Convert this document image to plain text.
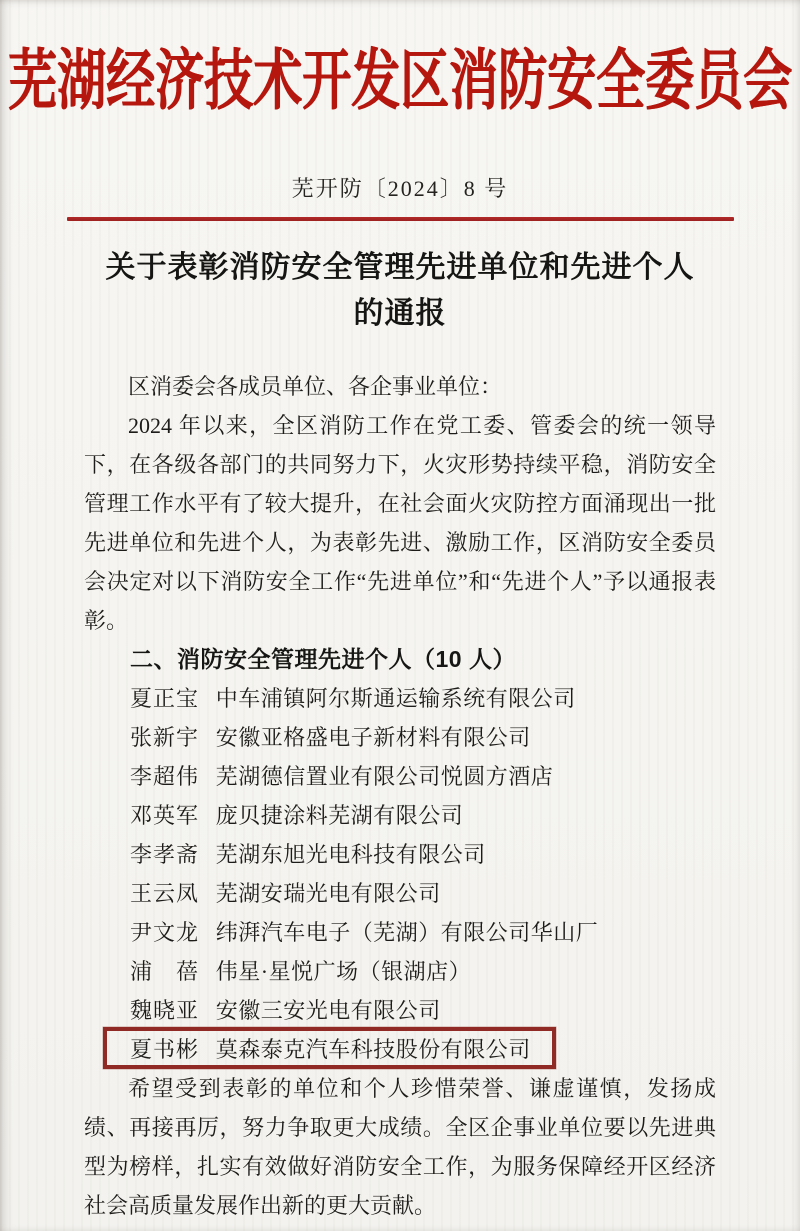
芜湖经济技术开发区消防安全委员会
芜开防〔2024〕8 号
关于表彰消防安全管理先进单位和先进个人
的通报

区消委会各成员单位、各企事业单位：

2024 年以来，全区消防工作在党工委、管委会的统一领导下，在各级各部门的共同努力下，火灾形势持续平稳，消防安全管理工作水平有了较大提升，在社会面火灾防控方面涌现出一批先进单位和先进个人，为表彰先进、激励工作，区消防安全委员会决定对以下消防安全工作“先进单位”和“先进个人”予以通报表彰。

二、消防安全管理先进个人（10 人）
夏正宝 中车浦镇阿尔斯通运输系统有限公司
张新宇 安徽亚格盛电子新材料有限公司
李超伟 芜湖德信置业有限公司悦圆方酒店
邓英军 庞贝捷涂料芜湖有限公司
李孝斋 芜湖东旭光电科技有限公司
王云凤 芜湖安瑞光电有限公司
尹文龙 纬湃汽车电子（芜湖）有限公司华山厂
浦　蓓 伟星·星悦广场（银湖店）
魏晓亚 安徽三安光电有限公司
夏书彬 莫森泰克汽车科技股份有限公司

希望受到表彰的单位和个人珍惜荣誉、谦虚谨慎，发扬成绩、再接再厉，努力争取更大成绩。全区企事业单位要以先进典型为榜样，扎实有效做好消防安全工作，为服务保障经开区经济社会高质量发展作出新的更大贡献。
